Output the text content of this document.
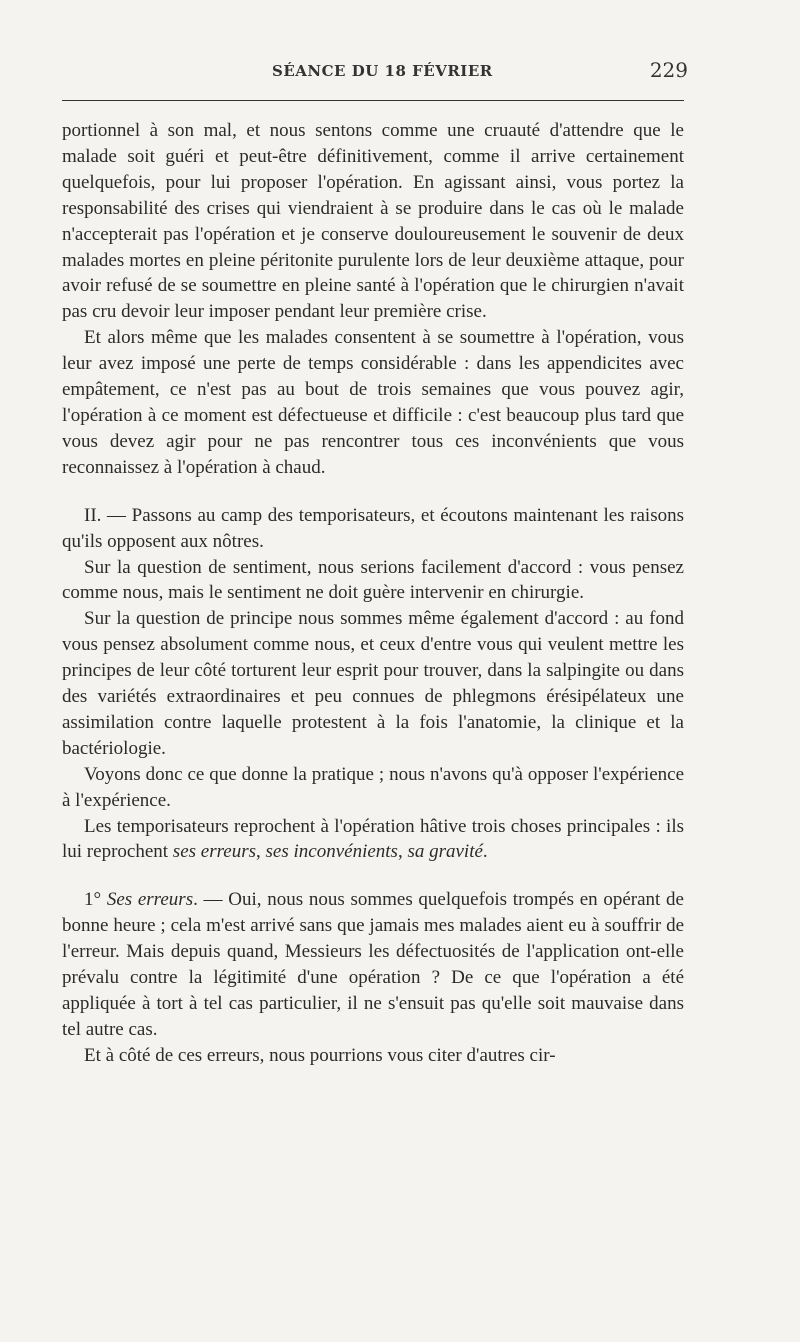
SÉANCE DU 18 FÉVRIER	229

portionnel à son mal, et nous sentons comme une cruauté d'attendre que le malade soit guéri et peut-être définitivement, comme il arrive certainement quelquefois, pour lui proposer l'opération. En agissant ainsi, vous portez la responsabilité des crises qui viendraient à se produire dans le cas où le malade n'accepterait pas l'opération et je conserve douloureusement le souvenir de deux malades mortes en pleine péritonite purulente lors de leur deuxième attaque, pour avoir refusé de se soumettre en pleine santé à l'opération que le chirurgien n'avait pas cru devoir leur imposer pendant leur première crise.

Et alors même que les malades consentent à se soumettre à l'opération, vous leur avez imposé une perte de temps considérable : dans les appendicites avec empâtement, ce n'est pas au bout de trois semaines que vous pouvez agir, l'opération à ce moment est défectueuse et difficile : c'est beaucoup plus tard que vous devez agir pour ne pas rencontrer tous ces inconvénients que vous reconnaissez à l'opération à chaud.

II. — Passons au camp des temporisateurs, et écoutons maintenant les raisons qu'ils opposent aux nôtres.

Sur la question de sentiment, nous serions facilement d'accord : vous pensez comme nous, mais le sentiment ne doit guère intervenir en chirurgie.

Sur la question de principe nous sommes même également d'accord : au fond vous pensez absolument comme nous, et ceux d'entre vous qui veulent mettre les principes de leur côté torturent leur esprit pour trouver, dans la salpingite ou dans des variétés extraordinaires et peu connues de phlegmons érésipélateux une assimilation contre laquelle protestent à la fois l'anatomie, la clinique et la bactériologie.

Voyons donc ce que donne la pratique ; nous n'avons qu'à opposer l'expérience à l'expérience.

Les temporisateurs reprochent à l'opération hâtive trois choses principales : ils lui reprochent ses erreurs, ses inconvénients, sa gravité.

1° Ses erreurs. — Oui, nous nous sommes quelquefois trompés en opérant de bonne heure ; cela m'est arrivé sans que jamais mes malades aient eu à souffrir de l'erreur. Mais depuis quand, Messieurs les défectuosités de l'application ont-elle prévalu contre la légitimité d'une opération ? De ce que l'opération a été appliquée à tort à tel cas particulier, il ne s'ensuit pas qu'elle soit mauvaise dans tel autre cas.

Et à côté de ces erreurs, nous pourrions vous citer d'autres cir-
